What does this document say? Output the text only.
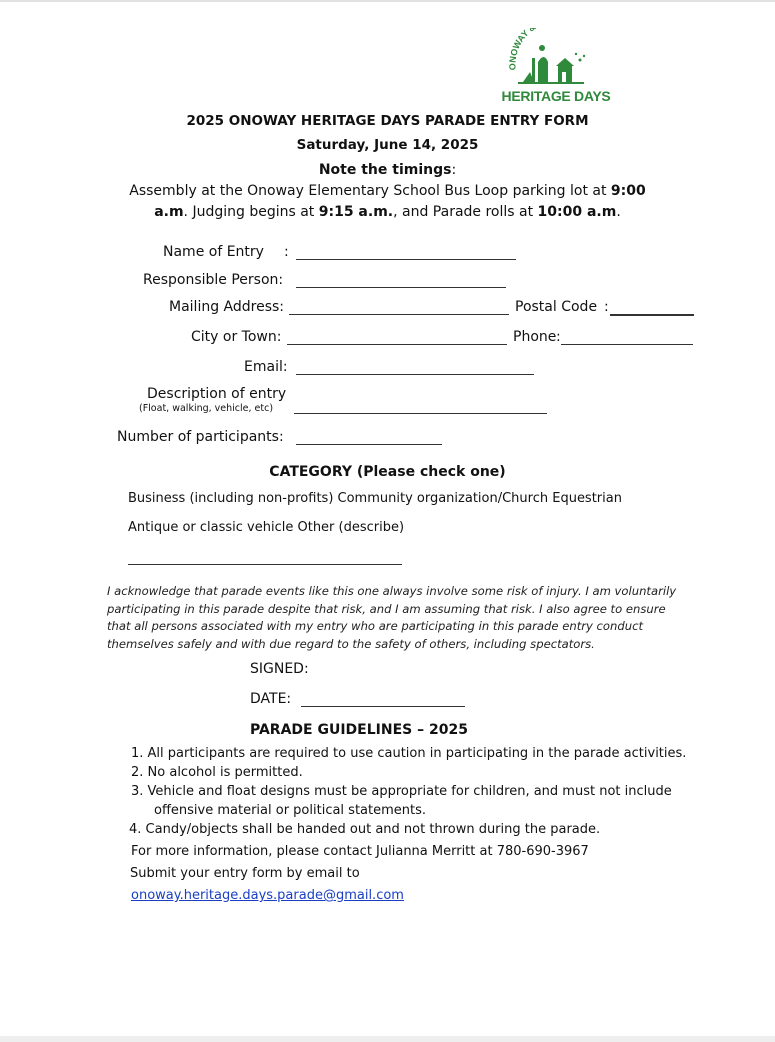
ONOWAY
HERITAGE DAYS
2025 ONOWAY HERITAGE DAYS PARADE ENTRY FORM
Saturday, June 14, 2025
Note the timings:
Assembly at the Onoway Elementary School Bus Loop parking lot at 9:00
a.m. Judging begins at 9:15 a.m., and Parade rolls at 10:00 a.m.
Name of Entry :
Responsible Person:
Mailing Address:	Postal Code :
City or Town:	Phone :
Email:
Description of entry
(Float, walking, vehicle, etc)
Number of participants:
CATEGORY (Please check one)
Business (including non-profits) Community organization/Church Equestrian
Antique or classic vehicle Other (describe)
I acknowledge that parade events like this one always involve some risk of injury. I am voluntarily
participating in this parade despite that risk, and I am assuming that risk. I also agree to ensure
that all persons associated with my entry who are participating in this parade entry conduct
themselves safely and with due regard to the safety of others, including spectators.
SIGNED:
DATE:
PARADE GUIDELINES – 2025
1. All participants are required to use caution in participating in the parade activities.
2. No alcohol is permitted.
3. Vehicle and float designs must be appropriate for children, and must not include
offensive material or political statements.
4. Candy/objects shall be handed out and not thrown during the parade.
For more information, please contact Julianna Merritt at 780-690-3967
Submit your entry form by email to
onoway.heritage.days.parade@gmail.com
